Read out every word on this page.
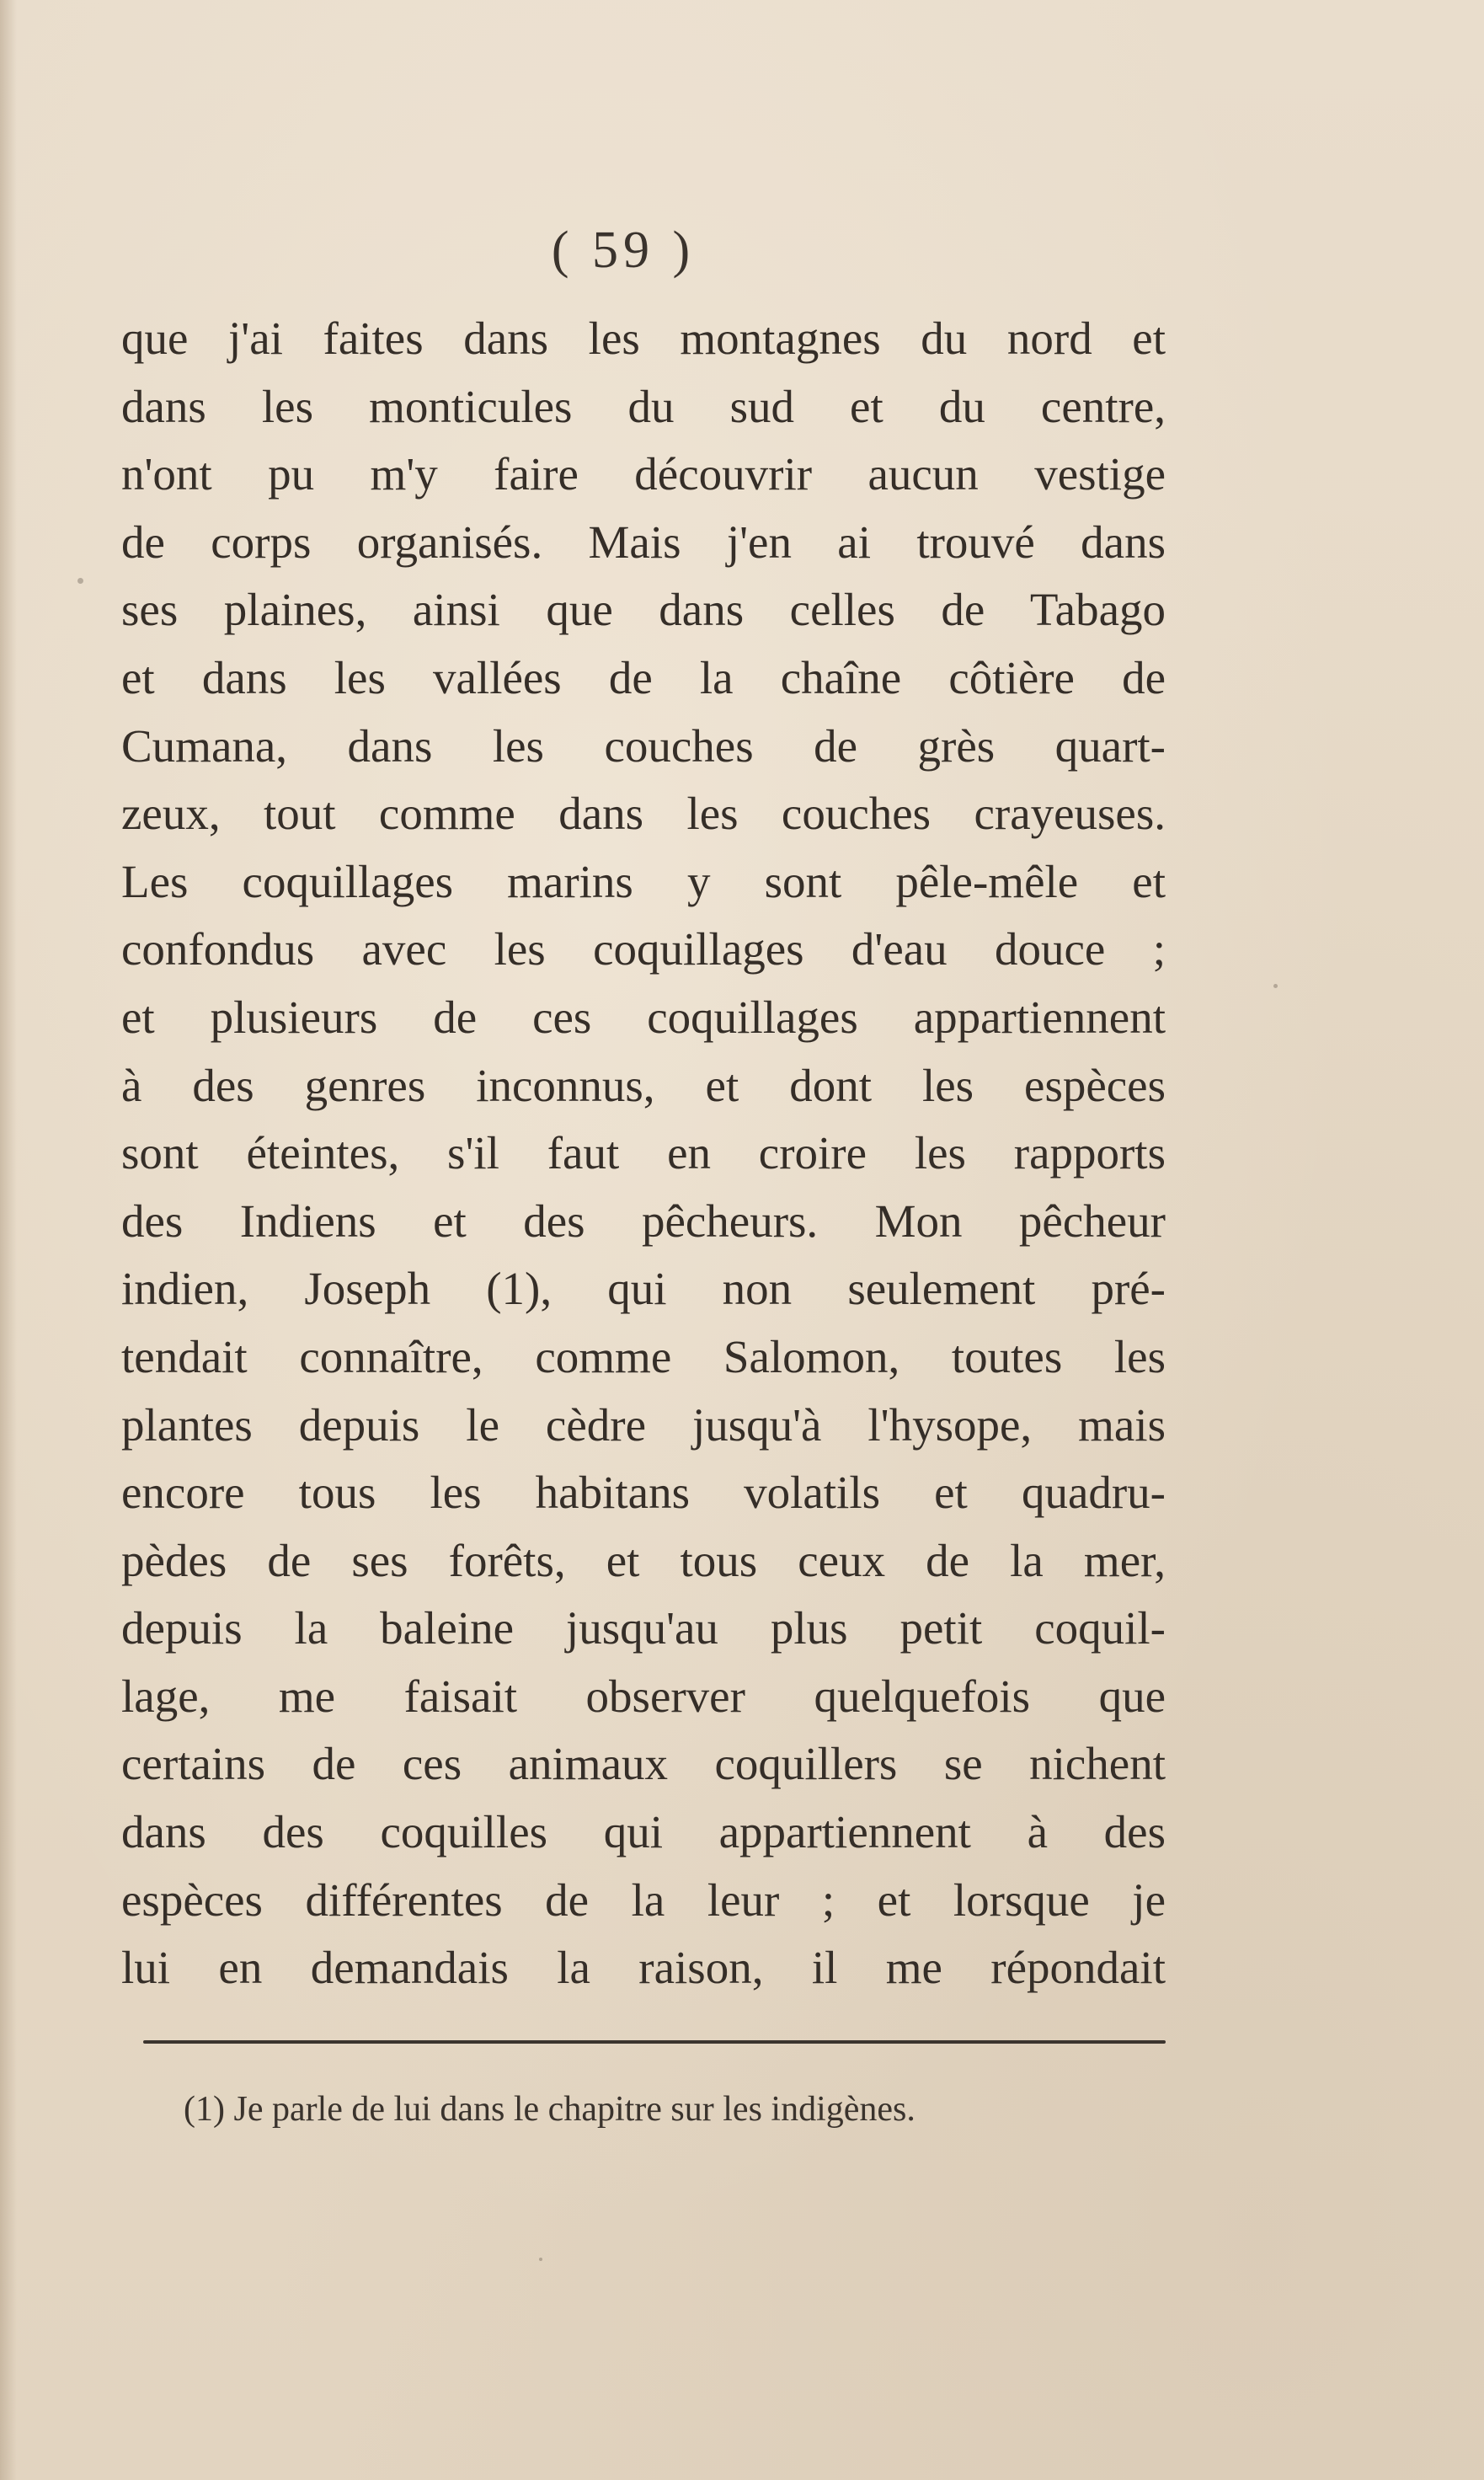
( 59 )
que j'ai faites dans les montagnes du nord et
dans les monticules du sud et du centre,
n'ont pu m'y faire découvrir aucun vestige
de corps organisés. Mais j'en ai trouvé dans
ses plaines, ainsi que dans celles de Tabago
et dans les vallées de la chaîne côtière de
Cumana, dans les couches de grès quart-
zeux, tout comme dans les couches crayeuses.
Les coquillages marins y sont pêle-mêle et
confondus avec les coquillages d'eau douce ;
et plusieurs de ces coquillages appartiennent
à des genres inconnus, et dont les espèces
sont éteintes, s'il faut en croire les rapports
des Indiens et des pêcheurs. Mon pêcheur
indien, Joseph (1), qui non seulement pré-
tendait connaître, comme Salomon, toutes les
plantes depuis le cèdre jusqu'à l'hysope, mais
encore tous les habitans volatils et quadru-
pèdes de ses forêts, et tous ceux de la mer,
depuis la baleine jusqu'au plus petit coquil-
lage, me faisait observer quelquefois que
certains de ces animaux coquillers se nichent
dans des coquilles qui appartiennent à des
espèces différentes de la leur ; et lorsque je
lui en demandais la raison, il me répondait
(1) Je parle de lui dans le chapitre sur les indigènes.
